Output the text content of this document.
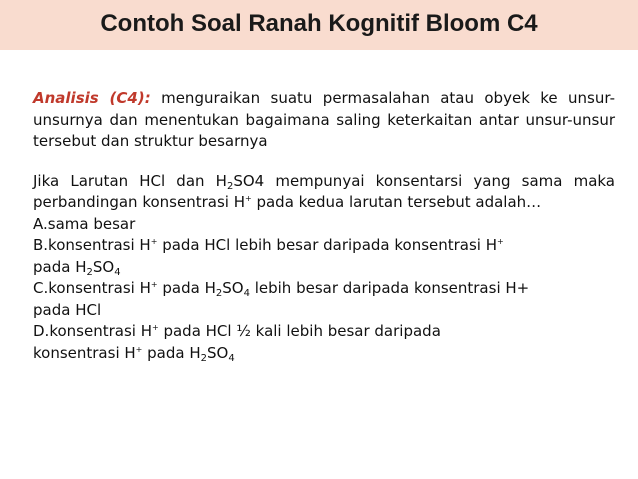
Contoh Soal Ranah Kognitif Bloom C4

Analisis (C4): menguraikan suatu permasalahan atau obyek ke unsur-unsurnya dan menentukan bagaimana saling keterkaitan antar unsur-unsur tersebut dan struktur besarnya

Jika Larutan HCl dan $H_2SO4$ mempunyai konsentarsi yang sama maka perbandingan konsentrasi H+ pada kedua larutan tersebut adalah…

A.sama besar

B.konsentrasi H+ pada HCl lebih besar daripada konsentrasi H+

pada $H_2SO_4$

C.konsentrasi H+ pada $H_2SO_4$ lebih besar daripada konsentrasi H+

pada HCl

D.konsentrasi H+ pada HCl ½ kali lebih besar daripada

konsentrasi H+ pada $H_2SO_4$
